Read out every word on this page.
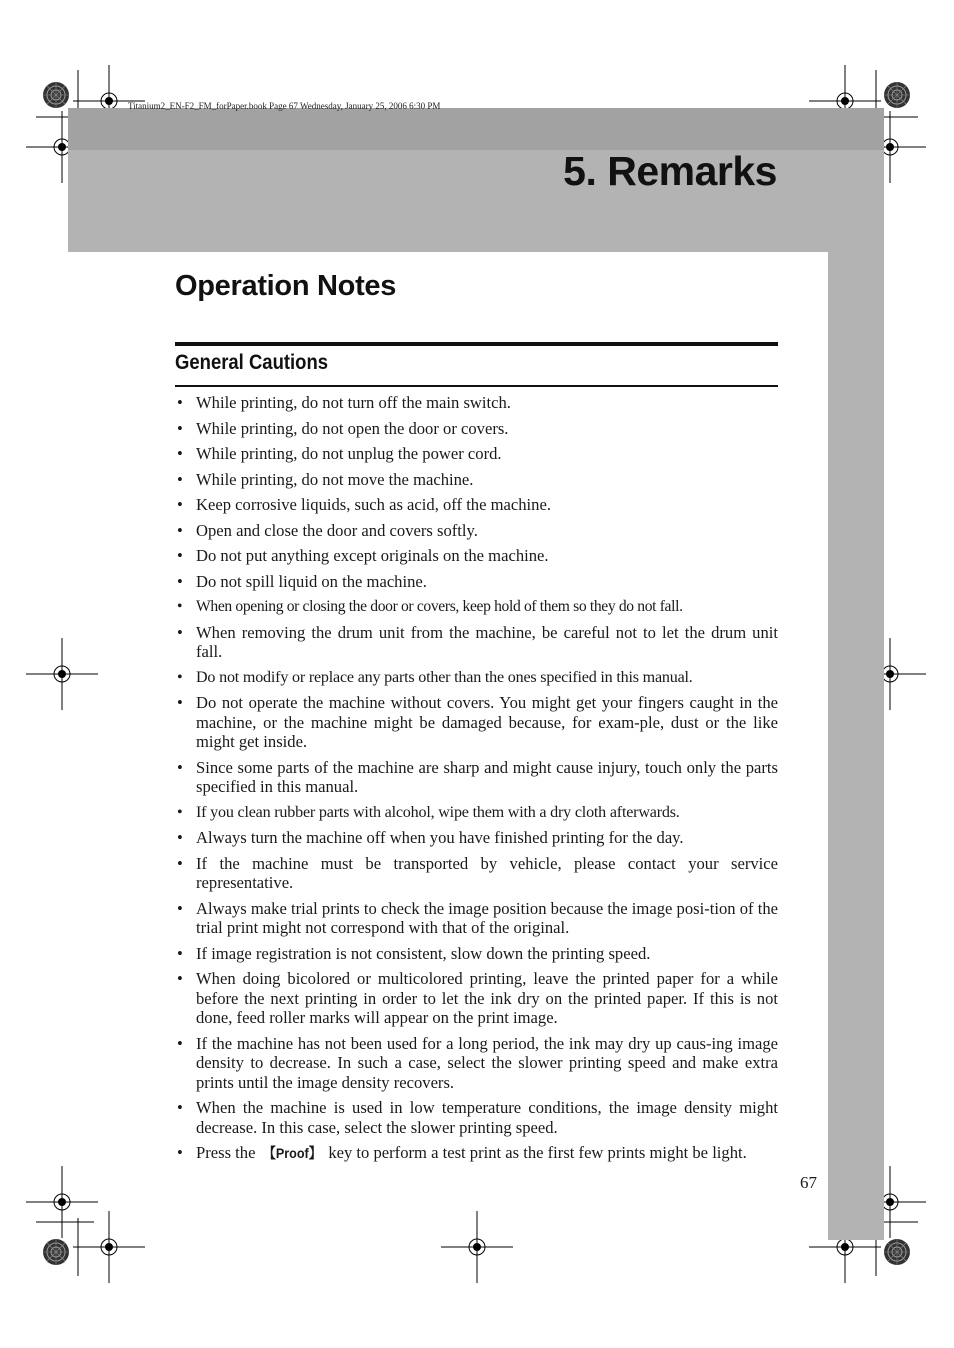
Titanium2_EN-F2_FM_forPaper.book Page 67 Wednesday, January 25, 2006 6:30 PM
5. Remarks
Operation Notes
General Cautions
• While printing, do not turn off the main switch.
• While printing, do not open the door or covers.
• While printing, do not unplug the power cord.
• While printing, do not move the machine.
• Keep corrosive liquids, such as acid, off the machine.
• Open and close the door and covers softly.
• Do not put anything except originals on the machine.
• Do not spill liquid on the machine.
• When opening or closing the door or covers, keep hold of them so they do not fall.
• When removing the drum unit from the machine, be careful not to let the drum unit fall.
• Do not modify or replace any parts other than the ones specified in this manual.
• Do not operate the machine without covers. You might get your fingers caught in the machine, or the machine might be damaged because, for exam-ple, dust or the like might get inside.
• Since some parts of the machine are sharp and might cause injury, touch only the parts specified in this manual.
• If you clean rubber parts with alcohol, wipe them with a dry cloth afterwards.
• Always turn the machine off when you have finished printing for the day.
• If the machine must be transported by vehicle, please contact your service representative.
• Always make trial prints to check the image position because the image posi-tion of the trial print might not correspond with that of the original.
• If image registration is not consistent, slow down the printing speed.
• When doing bicolored or multicolored printing, leave the printed paper for a while before the next printing in order to let the ink dry on the printed paper. If this is not done, feed roller marks will appear on the print image.
• If the machine has not been used for a long period, the ink may dry up caus-ing image density to decrease. In such a case, select the slower printing speed and make extra prints until the image density recovers.
• When the machine is used in low temperature conditions, the image density might decrease. In this case, select the slower printing speed.
• Press the 【Proof】 key to perform a test print as the first few prints might be light.
67
